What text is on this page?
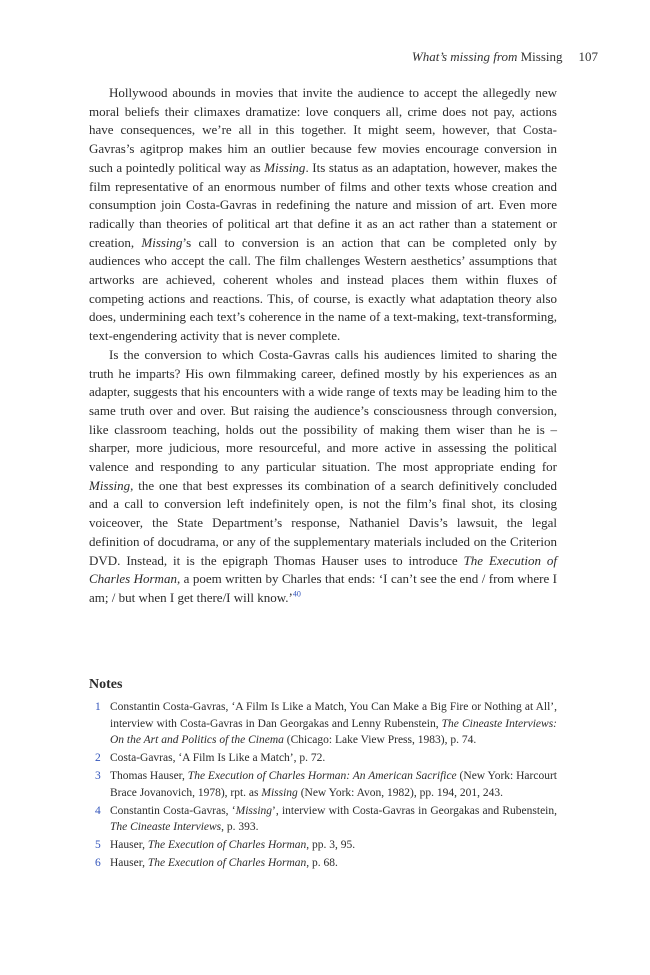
What’s missing from Missing 107

Hollywood abounds in movies that invite the audience to accept the allegedly new moral beliefs their climaxes dramatize: love conquers all, crime does not pay, actions have consequences, we’re all in this together. It might seem, however, that Costa-Gavras’s agitprop makes him an outlier because few movies encourage conversion in such a pointedly political way as Missing. Its status as an adaptation, however, makes the film representative of an enormous number of films and other texts whose creation and consumption join Costa-Gavras in redefining the nature and mission of art. Even more radically than theories of political art that define it as an act rather than a statement or creation, Missing’s call to conversion is an action that can be completed only by audiences who accept the call. The film challenges Western aesthetics’ assumptions that artworks are achieved, coherent wholes and instead places them within fluxes of competing actions and reactions. This, of course, is exactly what adaptation theory also does, undermining each text’s coherence in the name of a text-making, text-transforming, text-engendering activity that is never complete.

Is the conversion to which Costa-Gavras calls his audiences limited to sharing the truth he imparts? His own filmmaking career, defined mostly by his experiences as an adapter, suggests that his encounters with a wide range of texts may be leading him to the same truth over and over. But raising the audience’s consciousness through conversion, like classroom teaching, holds out the possibility of making them wiser than he is – sharper, more judicious, more resourceful, and more active in assessing the political valence and responding to any particular situation. The most appropriate ending for Missing, the one that best expresses its combination of a search definitively concluded and a call to conversion left indefinitely open, is not the film’s final shot, its closing voiceover, the State Department’s response, Nathaniel Davis’s lawsuit, the legal definition of docudrama, or any of the supplementary materials included on the Criterion DVD. Instead, it is the epigraph Thomas Hauser uses to introduce The Execution of Charles Horman, a poem written by Charles that ends: ‘I can’t see the end / from where I am; / but when I get there/I will know.’$^{40}$

Notes
1 Constantin Costa-Gavras, ‘A Film Is Like a Match, You Can Make a Big Fire or Nothing at All’, interview with Costa-Gavras in Dan Georgakas and Lenny Rubenstein, The Cineaste Interviews: On the Art and Politics of the Cinema (Chicago: Lake View Press, 1983), p. 74.
2 Costa-Gavras, ‘A Film Is Like a Match’, p. 72.
3 Thomas Hauser, The Execution of Charles Horman: An American Sacrifice (New York: Harcourt Brace Jovanovich, 1978), rpt. as Missing (New York: Avon, 1982), pp. 194, 201, 243.
4 Constantin Costa-Gavras, ‘Missing’, interview with Costa-Gavras in Georgakas and Rubenstein, The Cineaste Interviews, p. 393.
5 Hauser, The Execution of Charles Horman, pp. 3, 95.
6 Hauser, The Execution of Charles Horman, p. 68.
